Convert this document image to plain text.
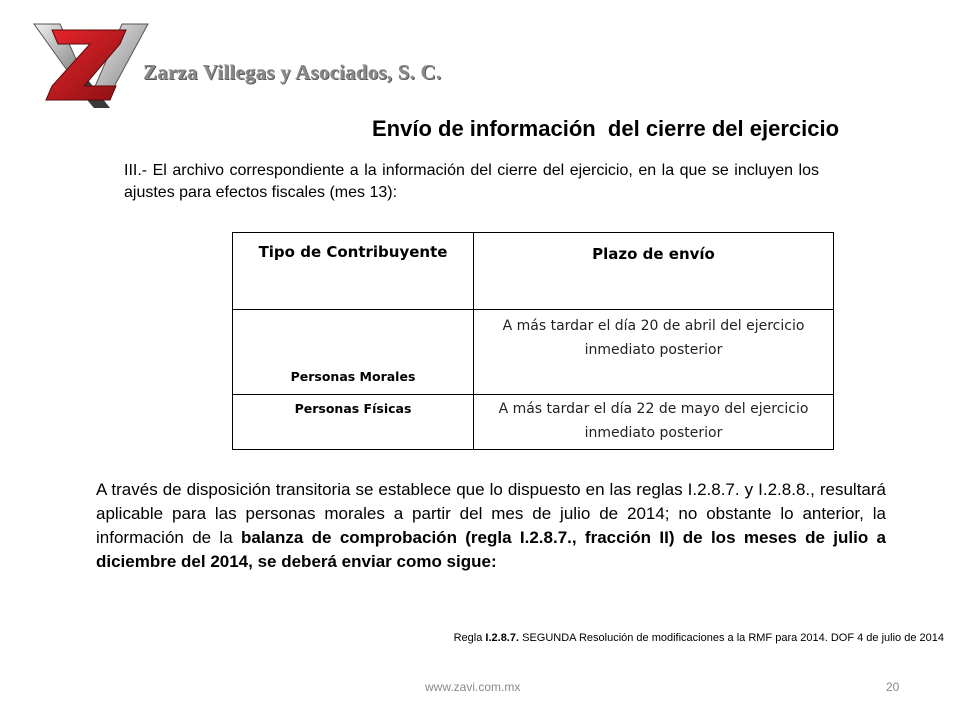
Zarza Villegas y Asociados, S. C.
Envío de información  del cierre del ejercicio
III.- El archivo correspondiente a la información del cierre del ejercicio, en la que se incluyen los ajustes para efectos fiscales (mes 13):
Tipo de Contribuyente	Plazo de envío
Personas Morales	A más tardar el día 20 de abril del ejercicio inmediato posterior
Personas Físicas	A más tardar el día 22 de mayo del ejercicio inmediato posterior
A través de disposición transitoria se establece que lo dispuesto en las reglas I.2.8.7. y I.2.8.8., resultará aplicable para las personas morales a partir del mes de julio de 2014; no obstante lo anterior, la información de la balanza de comprobación (regla I.2.8.7., fracción II) de los meses de julio a diciembre del 2014, se deberá enviar como sigue:
Regla I.2.8.7. SEGUNDA Resolución de modificaciones a la RMF para 2014. DOF 4 de julio de 2014
www.zavi.com.mx	20
